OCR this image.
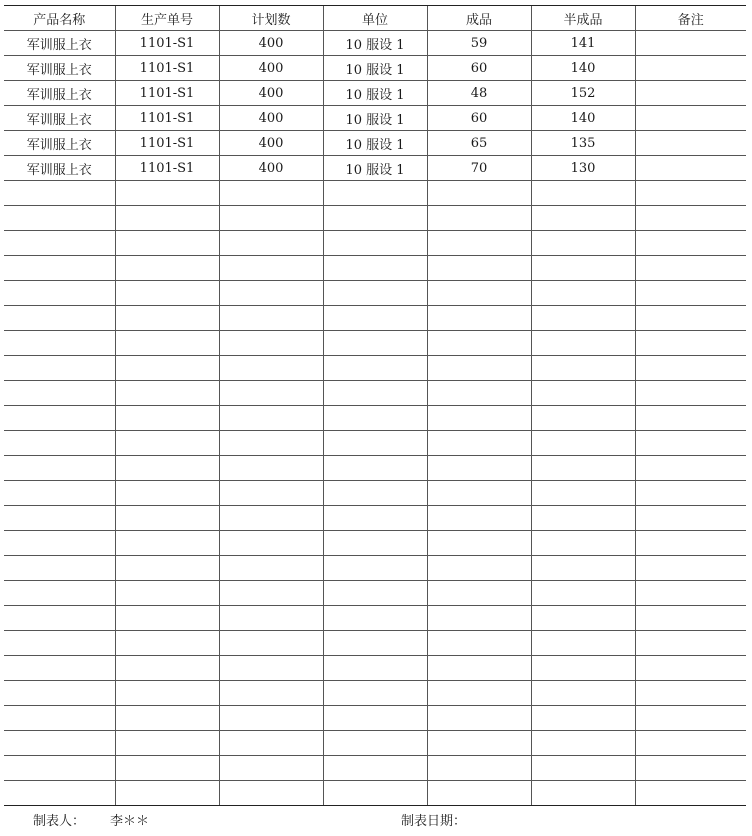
产品名称	生产单号	计划数	单位	成品	半成品	备注
军训服上衣	1101-S1	400	10 服设 1	59	141	
军训服上衣	1101-S1	400	10 服设 1	60	140	
军训服上衣	1101-S1	400	10 服设 1	48	152	
军训服上衣	1101-S1	400	10 服设 1	60	140	
军训服上衣	1101-S1	400	10 服设 1	65	135	
军训服上衣	1101-S1	400	10 服设 1	70	130	

制表人： 李＊＊	制表日期：
